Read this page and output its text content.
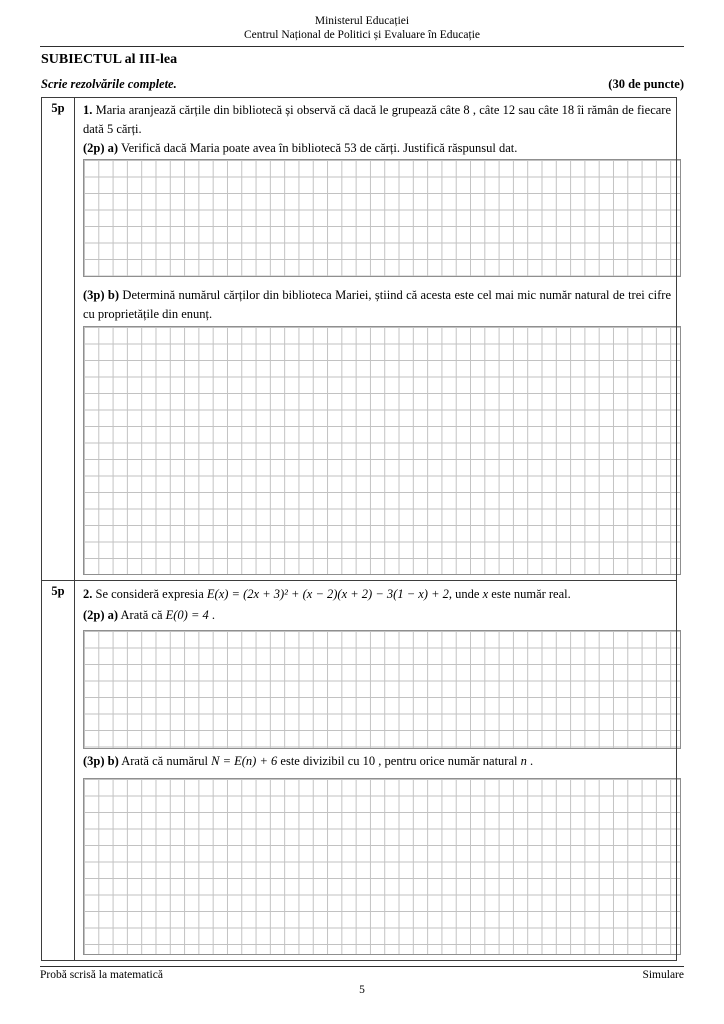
Ministerul Educației
Centrul Național de Politici și Evaluare în Educație
SUBIECTUL al III-lea
Scrie rezolvările complete.	(30 de puncte)
5p	1. Maria aranjează cărțile din bibliotecă și observă că dacă le grupează câte 8 , câte 12 sau câte 18 îi rămân de fiecare dată 5 cărți.

(2p) a) Verifică dacă Maria poate avea în bibliotecă 53 de cărți. Justifică răspunsul dat.

(3p) b) Determină numărul cărților din biblioteca Mariei, știind că acesta este cel mai mic număr natural de trei cifre cu proprietățile din enunț.

5p	2. Se consideră expresia E(x) = (2x + 3)² + (x − 2)(x + 2) − 3(1 − x) + 2, unde x este număr real.

(2p) a) Arată că E(0) = 4 .

(3p) b) Arată că numărul N = E(n) + 6 este divizibil cu 10 , pentru orice număr natural n .

Probă scrisă la matematică	Simulare
5
